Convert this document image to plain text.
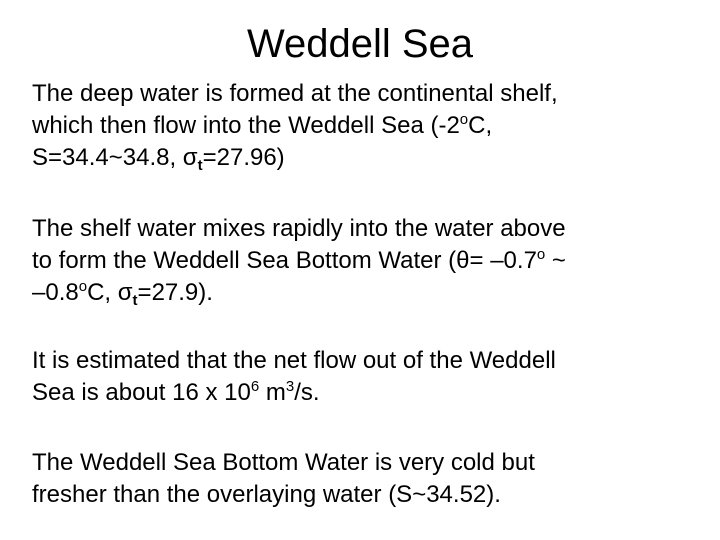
Weddell Sea
The deep water is formed at the continental shelf,
which then flow into the Weddell Sea (-2$^o$C,
S=34.4~34.8, $\sigma_t=27.96$)
The shelf water mixes rapidly into the water above
to form the Weddell Sea Bottom Water ($\theta= -0.7^o$ ~
–0.8$^o$C, $\sigma_t=27.9$).
It is estimated that the net flow out of the Weddell
Sea is about 16 x $10^6$ $m^3/s$.
The Weddell Sea Bottom Water is very cold but
fresher than the overlaying water (S~34.52).
